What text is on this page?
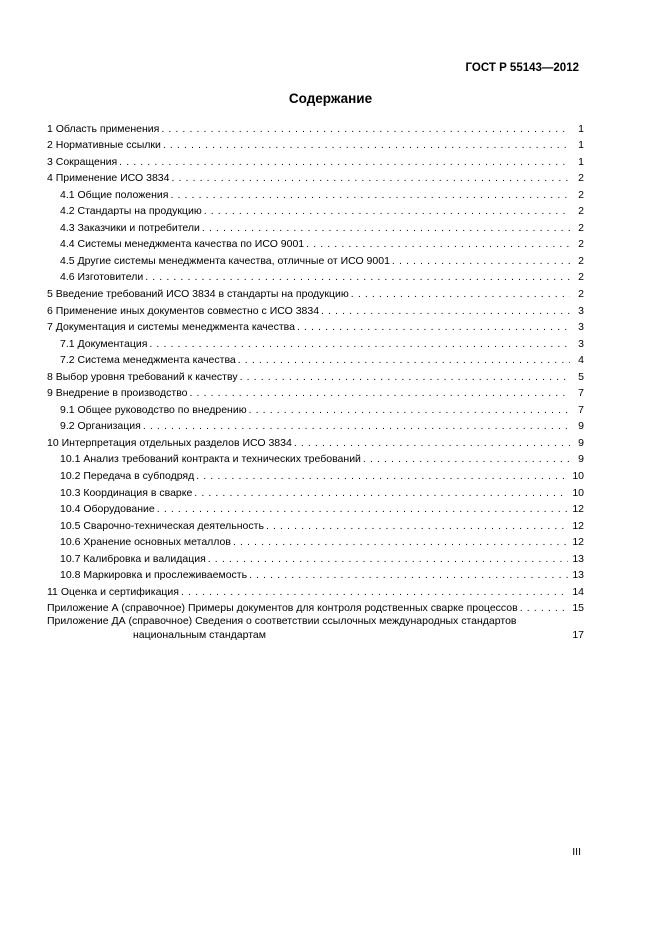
ГОСТ Р 55143—2012

Содержание
1 Область применения . . .	1
2 Нормативные ссылки . . .	1
3 Сокращения . . .	1
4 Применение ИСО 3834 . . .	2
4.1 Общие положения . . .	2
4.2 Стандарты на продукцию . . .	2
4.3 Заказчики и потребители . . .	2
4.4 Системы менеджмента качества по ИСО 9001 . . .	2
4.5 Другие системы менеджмента качества, отличные от ИСО 9001 . . .	2
4.6 Изготовители . . .	2
5 Введение требований ИСО 3834 в стандарты на продукцию . . .	2
6 Применение иных документов совместно с ИСО 3834 . . .	3
7 Документация и системы менеджмента качества . . .	3
7.1 Документация . . .	3
7.2 Система менеджмента качества . . .	4
8 Выбор уровня требований к качеству . . .	5
9 Внедрение в производство . . .	7
9.1 Общее руководство по внедрению . . .	7
9.2 Организация . . .	9
10 Интерпретация отдельных разделов ИСО 3834 . . .	9
10.1 Анализ требований контракта и технических требований . . .	9
10.2 Передача в субподряд . . .	10
10.3 Координация в сварке . . .	10
10.4 Оборудование . . .	12
10.5 Сварочно-техническая деятельность . . .	12
10.6 Хранение основных металлов . . .	12
10.7 Калибровка и валидация . . .	13
10.8 Маркировка и прослеживаемость . . .	13
11 Оценка и сертификация . . .	14
Приложение А (справочное) Примеры документов для контроля родственных сварке процессов . . .	15
Приложение ДА (справочное) Сведения о соответствии ссылочных международных стандартов
национальным стандартам	17

III
